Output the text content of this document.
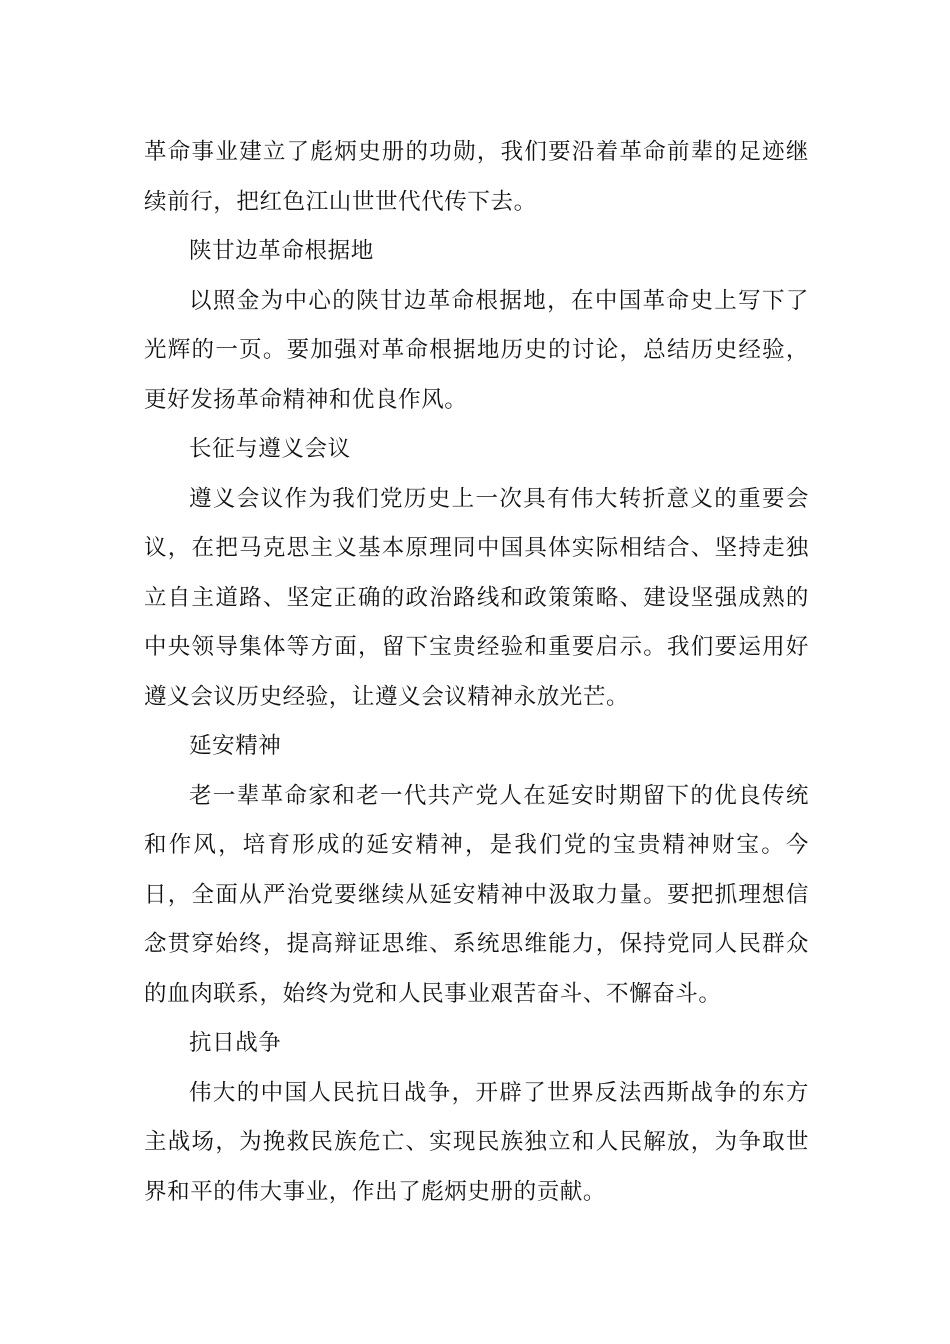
革命事业建立了彪炳史册的功勋，我们要沿着革命前辈的足迹继续前行，把红色江山世世代代传下去。

陕甘边革命根据地

以照金为中心的陕甘边革命根据地，在中国革命史上写下了光辉的一页。要加强对革命根据地历史的讨论，总结历史经验，更好发扬革命精神和优良作风。

长征与遵义会议

遵义会议作为我们党历史上一次具有伟大转折意义的重要会议，在把马克思主义基本原理同中国具体实际相结合、坚持走独立自主道路、坚定正确的政治路线和政策策略、建设坚强成熟的中央领导集体等方面，留下宝贵经验和重要启示。我们要运用好遵义会议历史经验，让遵义会议精神永放光芒。

延安精神

老一辈革命家和老一代共产党人在延安时期留下的优良传统和作风，培育形成的延安精神，是我们党的宝贵精神财宝。今日，全面从严治党要继续从延安精神中汲取力量。要把抓理想信念贯穿始终，提高辩证思维、系统思维能力，保持党同人民群众的血肉联系，始终为党和人民事业艰苦奋斗、不懈奋斗。

抗日战争

伟大的中国人民抗日战争，开辟了世界反法西斯战争的东方主战场，为挽救民族危亡、实现民族独立和人民解放，为争取世界和平的伟大事业，作出了彪炳史册的贡献。
